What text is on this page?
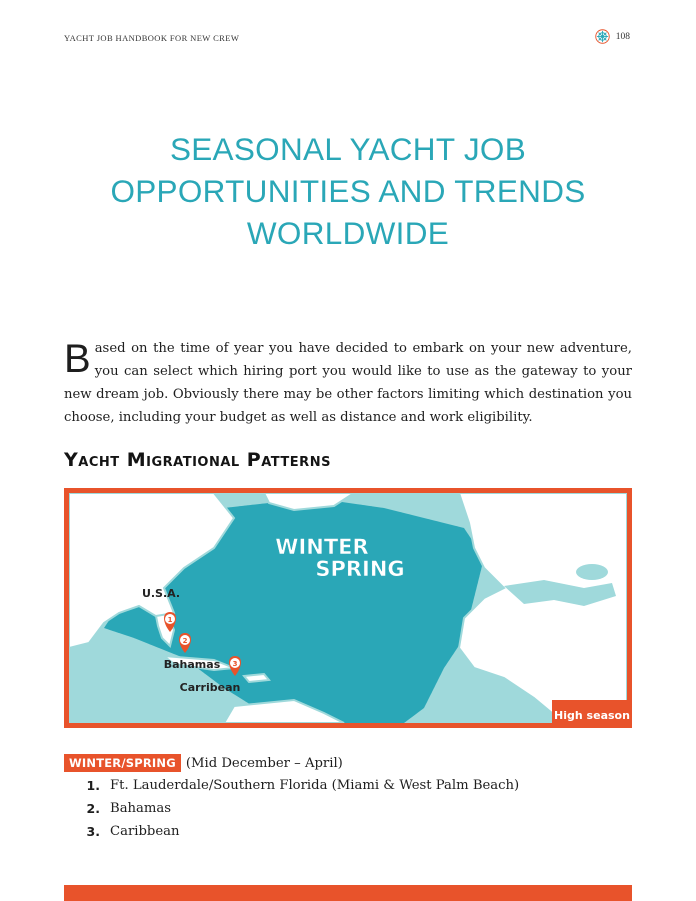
YACHT JOB HANDBOOK FOR NEW CREW	108
SEASONAL YACHT JOB
OPPORTUNITIES AND TRENDS
WORLDWIDE

Based on the time of year you have decided to embark on your new adventure, you can select which hiring port you would like to use as the gateway to your new dream job. Obviously there may be other factors limiting which destination you choose, including your budget as well as distance and work eligibility.

Yacht Migrational Patterns
WINTER
SPRING
U.S.A.
Bahamas
Carribean
1
2
3
High season
WINTER/SPRING (Mid December – April)
1. Ft. Lauderdale/Southern Florida (Miami & West Palm Beach)
2. Bahamas
3. Caribbean
